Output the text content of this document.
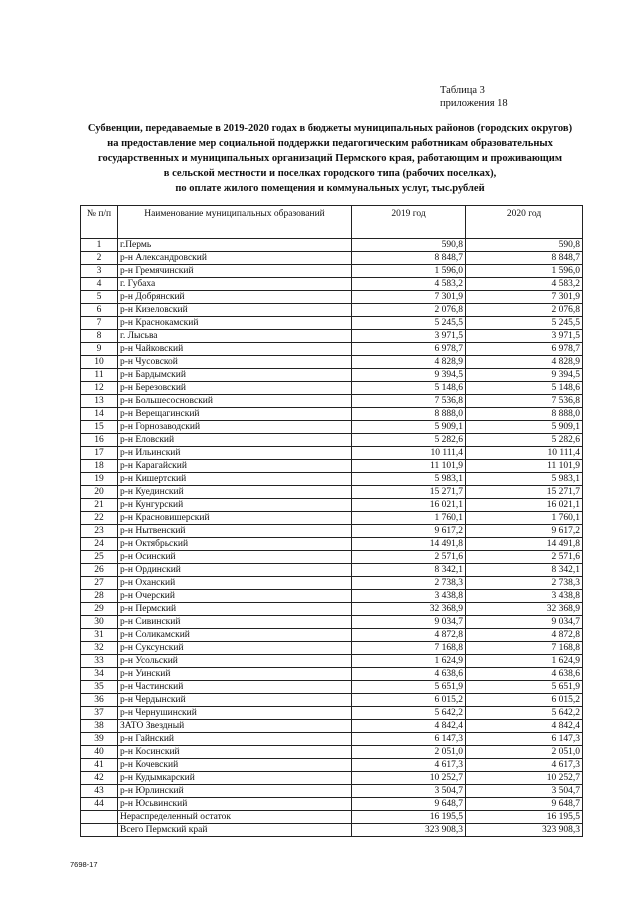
Таблица 3
приложения 18
Субвенции, передаваемые в 2019-2020 годах в бюджеты муниципальных районов (городских округов)
на предоставление мер социальной поддержки педагогическим работникам образовательных
государственных и муниципальных организаций Пермского края, работающим и проживающим
в сельской местности и поселках городского типа (рабочих поселках),
по оплате жилого помещения и коммунальных услуг, тыс.рублей
№ п/п	Наименование муниципальных образований	2019 год	2020 год
1	г.Пермь	590,8	590,8
2	р-н Александровский	8 848,7	8 848,7
3	р-н Гремячинский	1 596,0	1 596,0
4	г. Губаха	4 583,2	4 583,2
5	р-н Добрянский	7 301,9	7 301,9
6	р-н Кизеловский	2 076,8	2 076,8
7	р-н Краснокамский	5 245,5	5 245,5
8	г. Лысьва	3 971,5	3 971,5
9	р-н Чайковский	6 978,7	6 978,7
10	р-н Чусовской	4 828,9	4 828,9
11	р-н Бардымский	9 394,5	9 394,5
12	р-н Березовский	5 148,6	5 148,6
13	р-н Большесосновский	7 536,8	7 536,8
14	р-н Верещагинский	8 888,0	8 888,0
15	р-н Горнозаводский	5 909,1	5 909,1
16	р-н Еловский	5 282,6	5 282,6
17	р-н Ильинский	10 111,4	10 111,4
18	р-н Карагайский	11 101,9	11 101,9
19	р-н Кишертский	5 983,1	5 983,1
20	р-н Куединский	15 271,7	15 271,7
21	р-н Кунгурский	16 021,1	16 021,1
22	р-н Красновишерский	1 760,1	1 760,1
23	р-н Нытвенский	9 617,2	9 617,2
24	р-н Октябрьский	14 491,8	14 491,8
25	р-н Осинский	2 571,6	2 571,6
26	р-н Ординский	8 342,1	8 342,1
27	р-н Оханский	2 738,3	2 738,3
28	р-н Очерский	3 438,8	3 438,8
29	р-н Пермский	32 368,9	32 368,9
30	р-н Сивинский	9 034,7	9 034,7
31	р-н Соликамский	4 872,8	4 872,8
32	р-н Суксунский	7 168,8	7 168,8
33	р-н Усольский	1 624,9	1 624,9
34	р-н Уинский	4 638,6	4 638,6
35	р-н Частинский	5 651,9	5 651,9
36	р-н Чердынский	6 015,2	6 015,2
37	р-н Чернушинский	5 642,2	5 642,2
38	ЗАТО Звездный	4 842,4	4 842,4
39	р-н Гайнский	6 147,3	6 147,3
40	р-н Косинский	2 051,0	2 051,0
41	р-н Кочевский	4 617,3	4 617,3
42	р-н Кудымкарский	10 252,7	10 252,7
43	р-н Юрлинский	3 504,7	3 504,7
44	р-н Юсьвинский	9 648,7	9 648,7
	Нераспределенный остаток	16 195,5	16 195,5
	Всего Пермский край	323 908,3	323 908,3
7698-17
